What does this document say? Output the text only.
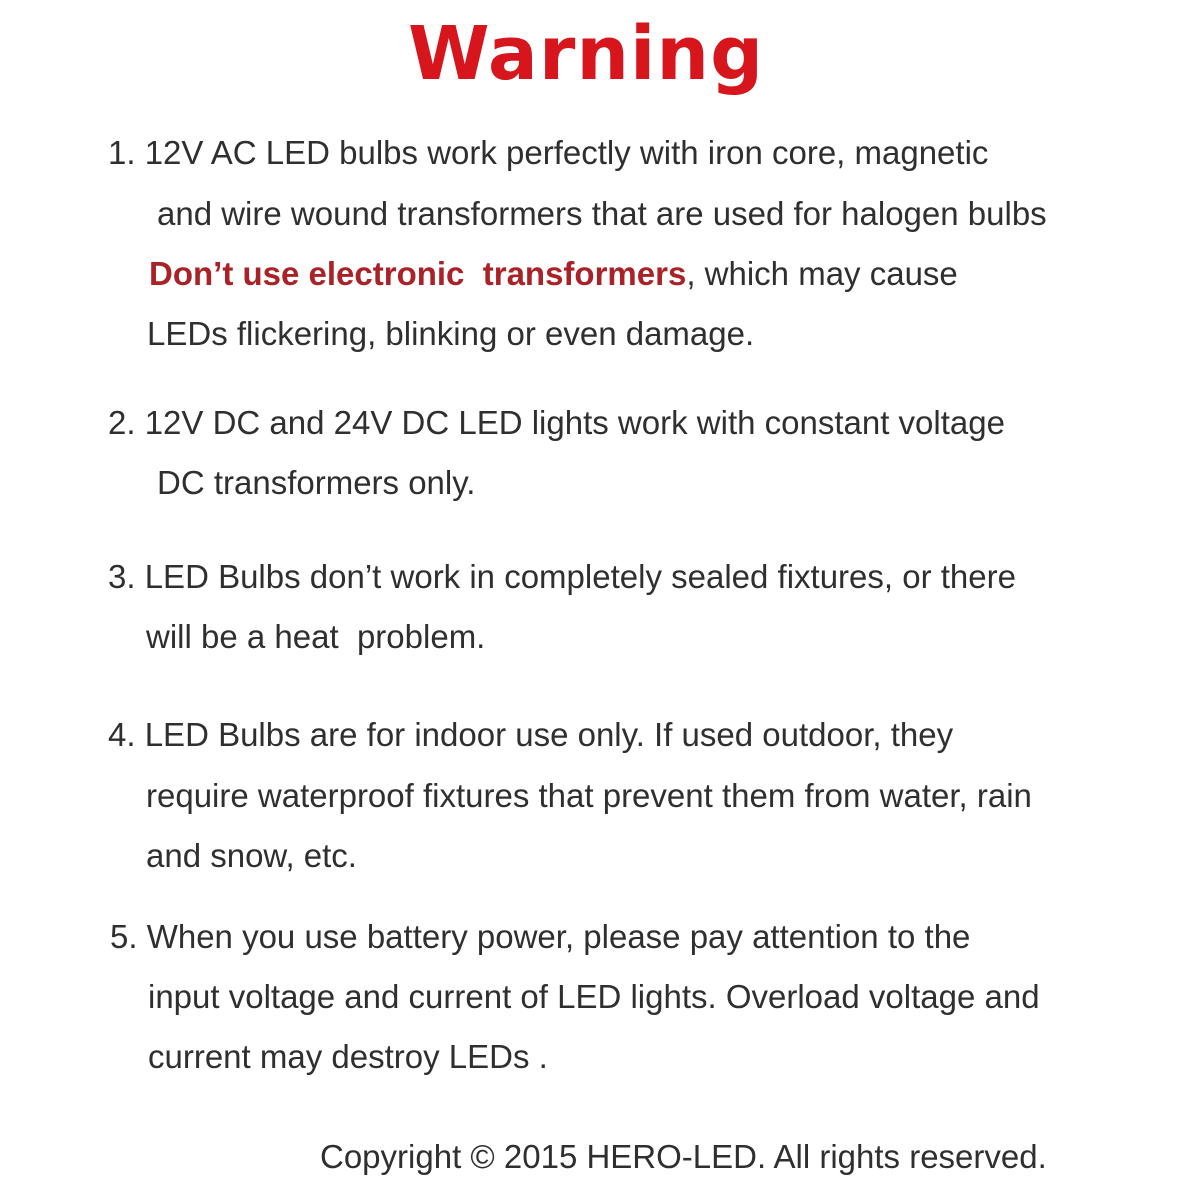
Warning
1. 12V AC LED bulbs work perfectly with iron core, magnetic
and wire wound transformers that are used for halogen bulbs
Don’t use electronic  transformers, which may cause
LEDs flickering, blinking or even damage.
2. 12V DC and 24V DC LED lights work with constant voltage
DC transformers only.
3. LED Bulbs don’t work in completely sealed fixtures, or there
will be a heat  problem.
4. LED Bulbs are for indoor use only. If used outdoor, they
require waterproof fixtures that prevent them from water, rain
and snow, etc.
5. When you use battery power, please pay attention to the
input voltage and current of LED lights. Overload voltage and
current may destroy LEDs .
Copyright © 2015 HERO-LED. All rights reserved.
